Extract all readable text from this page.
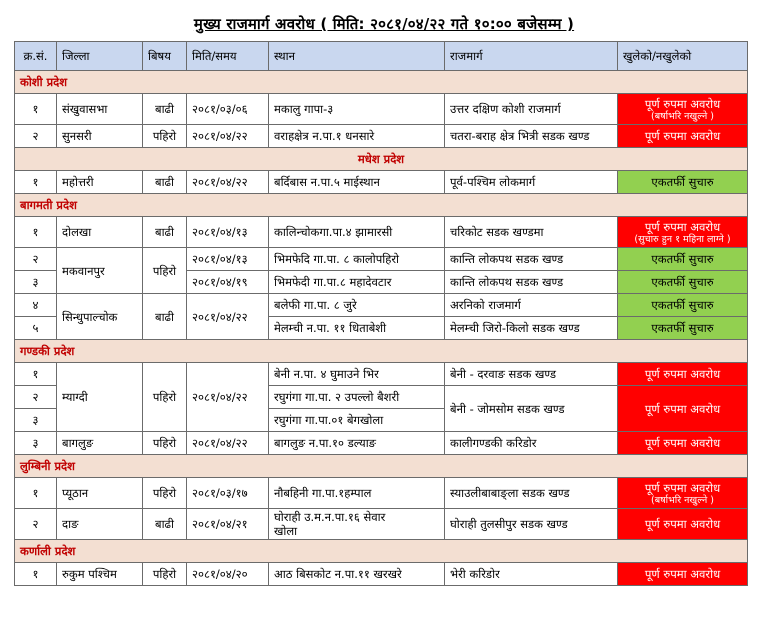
मुख्य राजमार्ग अवरोध ( मिति: २०८१/०४/२२ गते १०:०० बजेसम्म )
क्र.सं.	जिल्ला	बिषय	मिति/समय	स्थान	राजमार्ग	खुलेको/नखुलेको
कोशी प्रदेश						
१	संखुवासभा	बाढी	२०८१/०३/०६	मकालु गापा-३	उत्तर दक्षिण कोशी राजमार्ग	पूर्ण रुपमा अवरोध
(बर्षाभरि नखुल्ने )

२	सुनसरी	पहिरो	२०८१/०४/२२	वराहक्षेत्र न.पा.१ धनसारे	चतरा-बराह क्षेत्र भित्री सडक खण्ड	पूर्ण रुपमा अवरोध
मधेश प्रदेश						
१	महोत्तरी	बाढी	२०८१/०४/२२	बर्दिबास न.पा.५ माईस्थान	पूर्व-पश्चिम लोकमार्ग	एकतर्फी सुचारु
बागमती प्रदेश						
१	दोलखा	बाढी	२०८१/०४/१३	कालिन्चोकगा.पा.४ झामारसी	चरिकोट सडक खण्डमा	पूर्ण रुपमा अवरोध
(सुचारु हुन १ महिना लाग्ने )

२	मकवानपुर	पहिरो	२०८१/०४/१३	भिमफेदि गा.पा. ८ कालोपहिरो	कान्ति लोकपथ सडक खण्ड	एकतर्फी सुचारु
३			२०८१/०४/१९	भिमफेदी गा.पा.८ महादेवटार	कान्ति लोकपथ सडक खण्ड	एकतर्फी सुचारु
४	सिन्धुपाल्चोक	बाढी	२०८१/०४/२२	बलेफी गा.पा. ८ जुरे	अरनिको राजमार्ग	एकतर्फी सुचारु
५				मेलम्ची न.पा. ११ धिताबेशी	मेलम्ची जिरो-किलो सडक खण्ड	एकतर्फी सुचारु
गण्डकी प्रदेश						
१	म्याग्दी	पहिरो	२०८१/०४/२२	बेनी न.पा. ४ घुमाउने भिर	बेनी - दरवाङ सडक खण्ड	पूर्ण रुपमा अवरोध
२				रघुगंगा गा.पा. २ उपल्लो बैशरी	बेनी - जोमसोम सडक खण्ड	पूर्ण रुपमा अवरोध
३				रघुगंगा गा.पा.०१ बेगखोला		
३	बागलुङ	पहिरो	२०८१/०४/२२	बागलुङ न.पा.१० डल्याङ	कालीगण्डकी करिडोर	पूर्ण रुपमा अवरोध
लुम्बिनी प्रदेश						
१	प्यूठान	पहिरो	२०८१/०३/१७	नौबहिनी गा.पा.१हम्पाल	स्याउलीबाबाङ्ला सडक खण्ड	पूर्ण रुपमा अवरोध
(बर्षाभरि नखुल्ने )

२	दाङ	बाढी	२०८१/०४/२१	घोराही उ.म.न.पा.१६ सेवार
खोला	घोराही तुलसीपुर सडक खण्ड	पूर्ण रुपमा अवरोध
कर्णाली प्रदेश						
१	रुकुम पश्चिम	पहिरो	२०८१/०४/२०	आठ बिसकोट न.पा.११ खरखरे	भेरी करिडोर	पूर्ण रुपमा अवरोध
